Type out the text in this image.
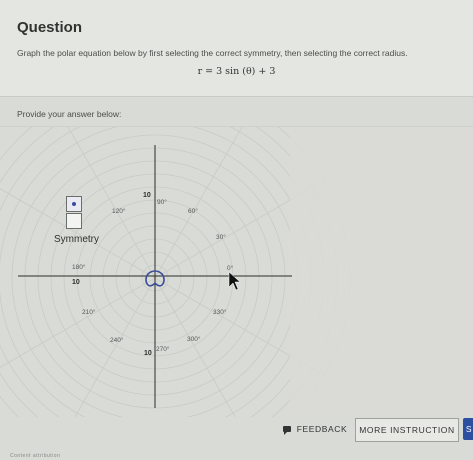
Question
Graph the polar equation below by first selecting the correct symmetry, then selecting the correct radius.
r = 3 sin (θ) + 3
Provide your answer below:
10
90°
120°	60°
30°
180°	0°
10
210°	330°
240°	300°
270°
10
Symmetry
FEEDBACK MORE INSTRUCTION S
Content attribution
